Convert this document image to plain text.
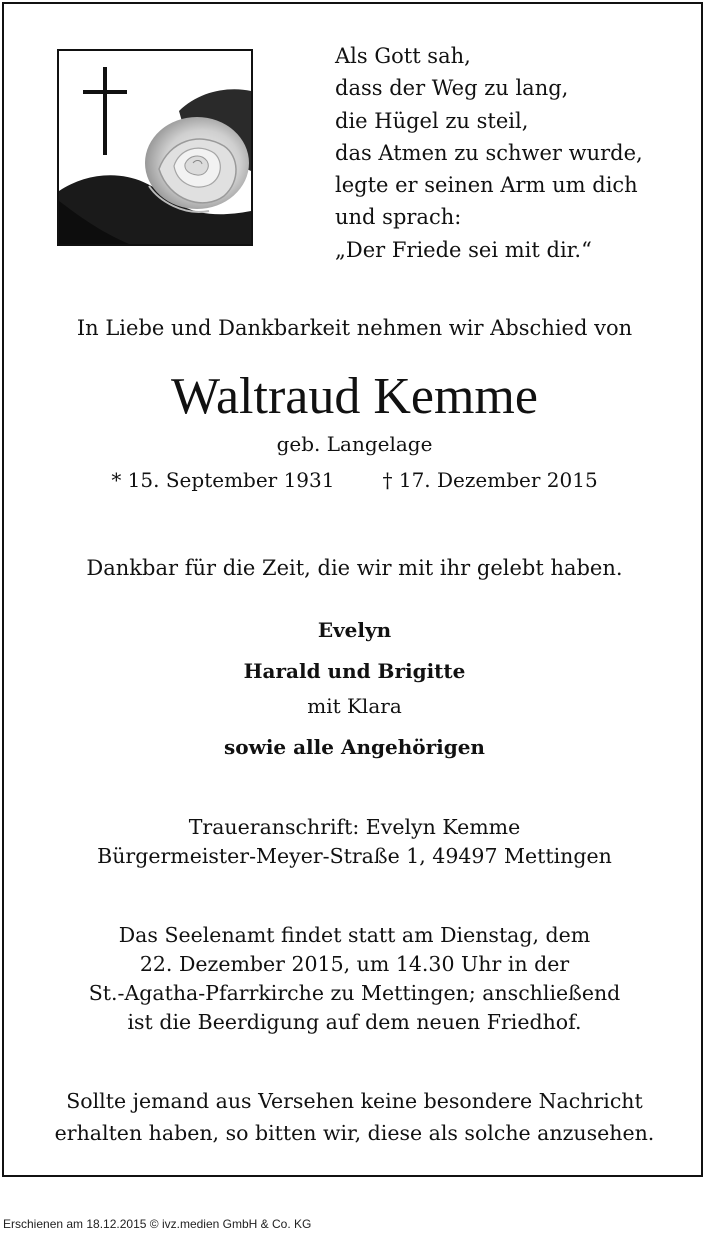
Als Gott sah,
dass der Weg zu lang,
die Hügel zu steil,
das Atmen zu schwer wurde,
legte er seinen Arm um dich
und sprach:
„Der Friede sei mit dir.“
In Liebe und Dankbarkeit nehmen wir Abschied von
Waltraud Kemme
geb. Langelage
* 15. September 1931 † 17. Dezember 2015
Dankbar für die Zeit, die wir mit ihr gelebt haben.
Evelyn
Harald und Brigitte
mit Klara
sowie alle Angehörigen
Traueranschrift: Evelyn Kemme
Bürgermeister-Meyer-Straße 1, 49497 Mettingen
Das Seelenamt findet statt am Dienstag, dem
22. Dezember 2015, um 14.30 Uhr in der
St.-Agatha-Pfarrkirche zu Mettingen; anschließend
ist die Beerdigung auf dem neuen Friedhof.
Sollte jemand aus Versehen keine besondere Nachricht
erhalten haben, so bitten wir, diese als solche anzusehen.
Erschienen am 18.12.2015 © ivz.medien GmbH & Co. KG
